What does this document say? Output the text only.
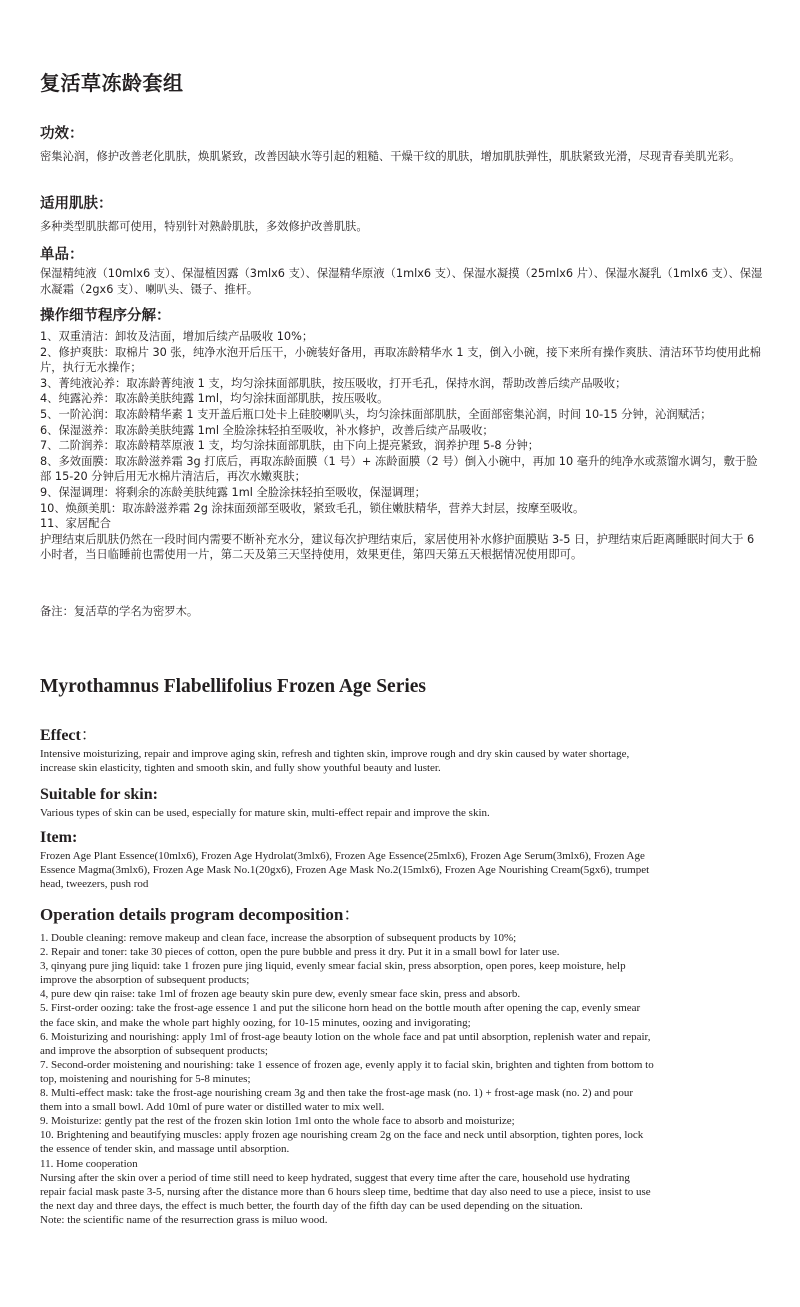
复活草冻龄套组

功效：

密集沁润，修护改善老化肌肤，焕肌紧致，改善因缺水等引起的粗糙、干燥干纹的肌肤，增加肌肤弹性，肌肤紧致光滑，尽现青春美肌光彩。

适用肌肤：

多种类型肌肤都可使用，特别针对熟龄肌肤，多效修护改善肌肤。

单品：

保湿精纯液（10mlx6 支）、保湿植因露（3mlx6 支）、保湿精华原液（1mlx6 支）、保湿水凝摸（25mlx6 片）、保湿水凝乳（1mlx6 支）、保湿水凝霜（2gx6 支）、喇叭头、镊子、推杆。

操作细节程序分解：

1、双重清洁：卸妆及洁面，增加后续产品吸收 10%；

2、修护爽肤：取棉片 30 张，纯净水泡开后压干，小碗装好备用，再取冻龄精华水 1 支，倒入小碗，接下来所有操作爽肤、清洁环节均使用此棉片，执行无水操作；

3、菁纯液沁养：取冻龄菁纯液 1 支，均匀涂抹面部肌肤，按压吸收，打开毛孔，保持水润，帮助改善后续产品吸收；

4、纯露沁养：取冻龄美肤纯露 1ml，均匀涂抹面部肌肤，按压吸收。

5、一阶沁润：取冻龄精华素 1 支开盖后瓶口处卡上硅胶喇叭头，均匀涂抹面部肌肤，全面部密集沁润，时间 10-15 分钟，沁润赋活；

6、保湿滋养：取冻龄美肤纯露 1ml 全脸涂抹轻拍至吸收，补水修护，改善后续产品吸收；

7、二阶润养：取冻龄精萃原液 1 支，均匀涂抹面部肌肤，由下向上提亮紧致，润养护理 5-8 分钟；

8、多效面膜：取冻龄滋养霜 3g 打底后，再取冻龄面膜（1 号）+ 冻龄面膜（2 号）倒入小碗中，再加 10 毫升的纯净水或蒸馏水调匀，敷于脸部 15-20 分钟后用无水棉片清洁后，再次水嫩爽肤；

9、保湿调理：将剩余的冻龄美肤纯露 1ml 全脸涂抹轻拍至吸收，保湿调理；

10、焕颜美肌：取冻龄滋养霜 2g 涂抹面颈部至吸收，紧致毛孔，锁住嫩肤精华，营养大封层，按摩至吸收。

11、家居配合

护理结束后肌肤仍然在一段时间内需要不断补充水分，建议每次护理结束后，家居使用补水修护面膜贴 3-5 日，护理结束后距离睡眠时间大于 6 小时者，当日临睡前也需使用一片，第二天及第三天坚持使用，效果更佳，第四天第五天根据情况使用即可。

备注：复活草的学名为密罗木。

Myrothamnus Flabellifolius Frozen Age Series

Effect：

Intensive moisturizing, repair and improve aging skin, refresh and tighten skin, improve rough and dry skin caused by water shortage,
increase skin elasticity, tighten and smooth skin, and fully show youthful beauty and luster.

Suitable for skin:

Various types of skin can be used, especially for mature skin, multi-effect repair and improve the skin.

Item:

Frozen Age Plant Essence(10mlx6), Frozen Age Hydrolat(3mlx6), Frozen Age Essence(25mlx6), Frozen Age Serum(3mlx6), Frozen Age
Essence Magma(3mlx6), Frozen Age Mask No.1(20gx6), Frozen Age Mask No.2(15mlx6), Frozen Age Nourishing Cream(5gx6), trumpet
head, tweezers, push rod

Operation details program decomposition：

1. Double cleaning: remove makeup and clean face, increase the absorption of subsequent products by 10%;
2. Repair and toner: take 30 pieces of cotton, open the pure bubble and press it dry. Put it in a small bowl for later use.
3, qinyang pure jing liquid: take 1 frozen pure jing liquid, evenly smear facial skin, press absorption, open pores, keep moisture, help
improve the absorption of subsequent products;
4, pure dew qin raise: take 1ml of frozen age beauty skin pure dew, evenly smear face skin, press and absorb.
5. First-order oozing: take the frost-age essence 1 and put the silicone horn head on the bottle mouth after opening the cap, evenly smear
the face skin, and make the whole part highly oozing, for 10-15 minutes, oozing and invigorating;
6. Moisturizing and nourishing: apply 1ml of frost-age beauty lotion on the whole face and pat until absorption, replenish water and repair,
and improve the absorption of subsequent products;
7. Second-order moistening and nourishing: take 1 essence of frozen age, evenly apply it to facial skin, brighten and tighten from bottom to
top, moistening and nourishing for 5-8 minutes;
8. Multi-effect mask: take the frost-age nourishing cream 3g and then take the frost-age mask (no. 1) + frost-age mask (no. 2) and pour
them into a small bowl. Add 10ml of pure water or distilled water to mix well.
9. Moisturize: gently pat the rest of the frozen skin lotion 1ml onto the whole face to absorb and moisturize;
10. Brightening and beautifying muscles: apply frozen age nourishing cream 2g on the face and neck until absorption, tighten pores, lock
the essence of tender skin, and massage until absorption.
11. Home cooperation
Nursing after the skin over a period of time still need to keep hydrated, suggest that every time after the care, household use hydrating
repair facial mask paste 3-5, nursing after the distance more than 6 hours sleep time, bedtime that day also need to use a piece, insist to use
the next day and three days, the effect is much better, the fourth day of the fifth day can be used depending on the situation.
Note: the scientific name of the resurrection grass is miluo wood.
